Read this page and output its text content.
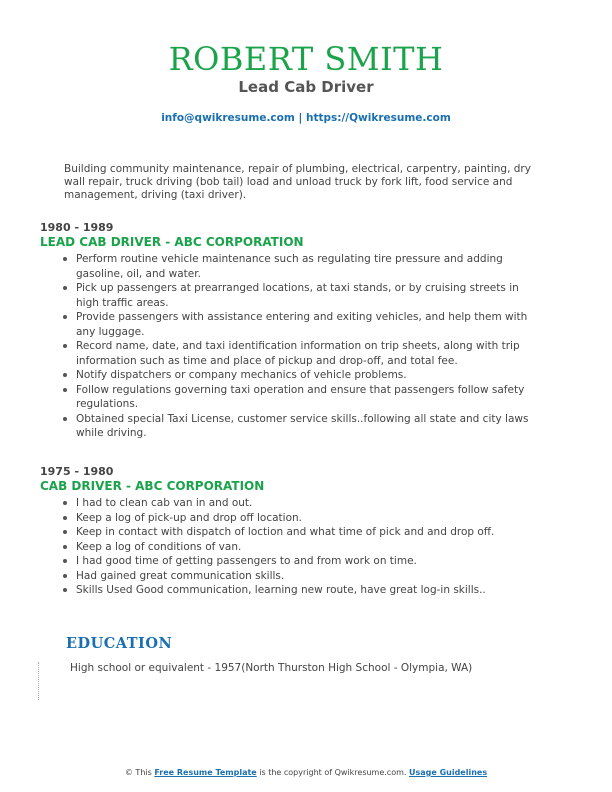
ROBERT SMITH
Lead Cab Driver
info@qwikresume.com | https://Qwikresume.com
Building community maintenance, repair of plumbing, electrical, carpentry, painting, dry wall repair, truck driving (bob tail) load and unload truck by fork lift, food service and management, driving (taxi driver).
1980 - 1989
LEAD CAB DRIVER - ABC CORPORATION
Perform routine vehicle maintenance such as regulating tire pressure and adding gasoline, oil, and water.
Pick up passengers at prearranged locations, at taxi stands, or by cruising streets in high traffic areas.
Provide passengers with assistance entering and exiting vehicles, and help them with any luggage.
Record name, date, and taxi identification information on trip sheets, along with trip information such as time and place of pickup and drop-off, and total fee.
Notify dispatchers or company mechanics of vehicle problems.
Follow regulations governing taxi operation and ensure that passengers follow safety regulations.
Obtained special Taxi License, customer service skills..following all state and city laws while driving.
1975 - 1980
CAB DRIVER - ABC CORPORATION
I had to clean cab van in and out.
Keep a log of pick-up and drop off location.
Keep in contact with dispatch of loction and what time of pick and and drop off.
Keep a log of conditions of van.
I had good time of getting passengers to and from work on time.
Had gained great communication skills.
Skills Used Good communication, learning new route, have great log-in skills..
EDUCATION
High school or equivalent - 1957(North Thurston High School - Olympia, WA)
© This Free Resume Template is the copyright of Qwikresume.com. Usage Guidelines
